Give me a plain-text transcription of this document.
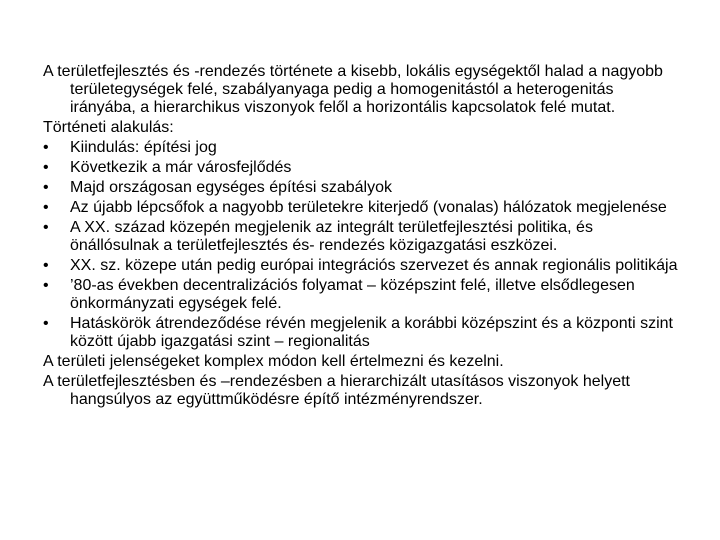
A területfejlesztés és -rendezés története a kisebb, lokális egységektől halad a nagyobb területegységek felé, szabályanyaga pedig a homogenitástól a heterogenitás irányába, a hierarchikus viszonyok felől a horizontális kapcsolatok felé mutat.

Történeti alakulás:

•	Kiindulás: építési jog
•	Következik a már városfejlődés
•	Majd országosan egységes építési szabályok
•	Az újabb lépcsőfok a nagyobb területekre kiterjedő (vonalas) hálózatok megjelenése
•	A XX. század közepén megjelenik az integrált területfejlesztési politika, és önállósulnak a területfejlesztés és- rendezés közigazgatási eszközei.
•	XX. sz. közepe után pedig európai integrációs szervezet és annak regionális politikája
•	’80-as években decentralizációs folyamat – középszint felé, illetve elsődlegesen önkormányzati egységek felé.
•	Hatáskörök átrendeződése révén megjelenik a korábbi középszint és a központi szint között újabb igazgatási szint – regionalitás

A területi jelenségeket komplex módon kell értelmezni és kezelni.

A területfejlesztésben és –rendezésben a hierarchizált utasításos viszonyok helyett hangsúlyos az együttműködésre építő intézményrendszer.
